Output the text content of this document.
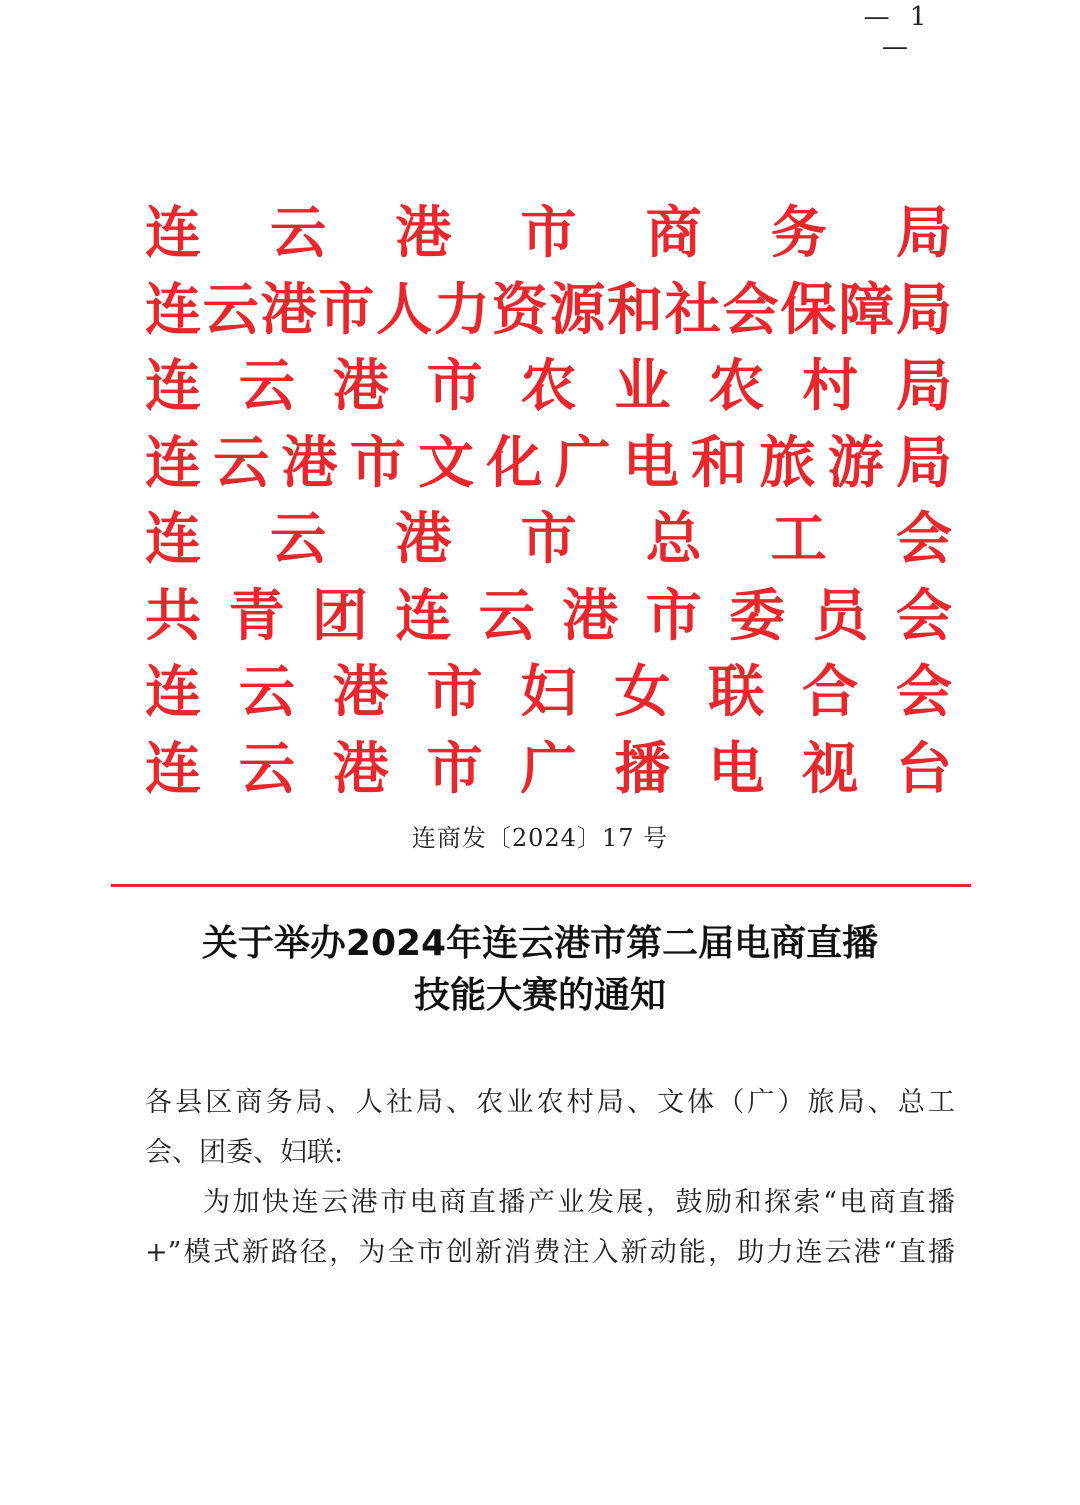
— 1 —
连 云 港 市 商 务 局
连 云 港 市 人 力 资 源 和 社 会 保 障 局
连 云 港 市 农 业 农 村 局
连 云 港 市 文 化 广 电 和 旅 游 局
连 云 港 市 总 工 会
共 青 团 连 云 港 市 委 员 会
连 云 港 市 妇 女 联 合 会
连 云 港 市 广 播 电 视 台
连商发〔2024〕17 号
关于举办2024年连云港市第二届电商直播
技能大赛的通知

各县区商务局、人社局、农业农村局、文体（广）旅局、总工

会、团委、妇联:

为加快连云港市电商直播产业发展，鼓励和探索“电商直播

+”模式新路径，为全市创新消费注入新动能，助力连云港“直播
